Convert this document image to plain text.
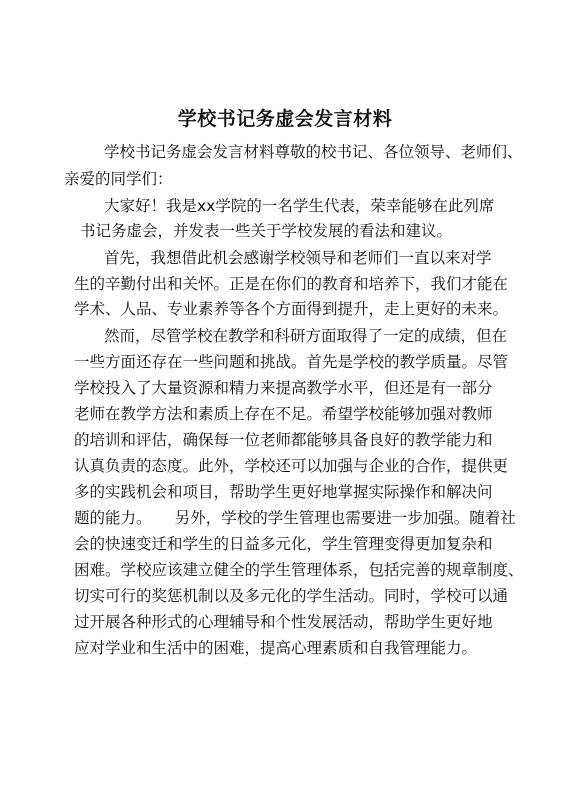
学校书记务虚会发言材料
学校书记务虚会发言材料尊敬的校书记、各位领导、老师们、
亲爱的同学们：
大家好！我是xx学院的一名学生代表，荣幸能够在此列席
书记务虚会，并发表一些关于学校发展的看法和建议。
首先，我想借此机会感谢学校领导和老师们一直以来对学
生的辛勤付出和关怀。正是在你们的教育和培养下，我们才能在
学术、人品、专业素养等各个方面得到提升，走上更好的未来。
然而，尽管学校在教学和科研方面取得了一定的成绩，但在
一些方面还存在一些问题和挑战。首先是学校的教学质量。尽管
学校投入了大量资源和精力来提高教学水平，但还是有一部分
老师在教学方法和素质上存在不足。希望学校能够加强对教师
的培训和评估，确保每一位老师都能够具备良好的教学能力和
认真负责的态度。此外，学校还可以加强与企业的合作，提供更
多的实践机会和项目，帮助学生更好地掌握实际操作和解决问
题的能力。　　另外，学校的学生管理也需要进一步加强。随着社
会的快速变迁和学生的日益多元化，学生管理变得更加复杂和
困难。学校应该建立健全的学生管理体系，包括完善的规章制度、
切实可行的奖惩机制以及多元化的学生活动。同时，学校可以通
过开展各种形式的心理辅导和个性发展活动，帮助学生更好地
应对学业和生活中的困难，提高心理素质和自我管理能力。
